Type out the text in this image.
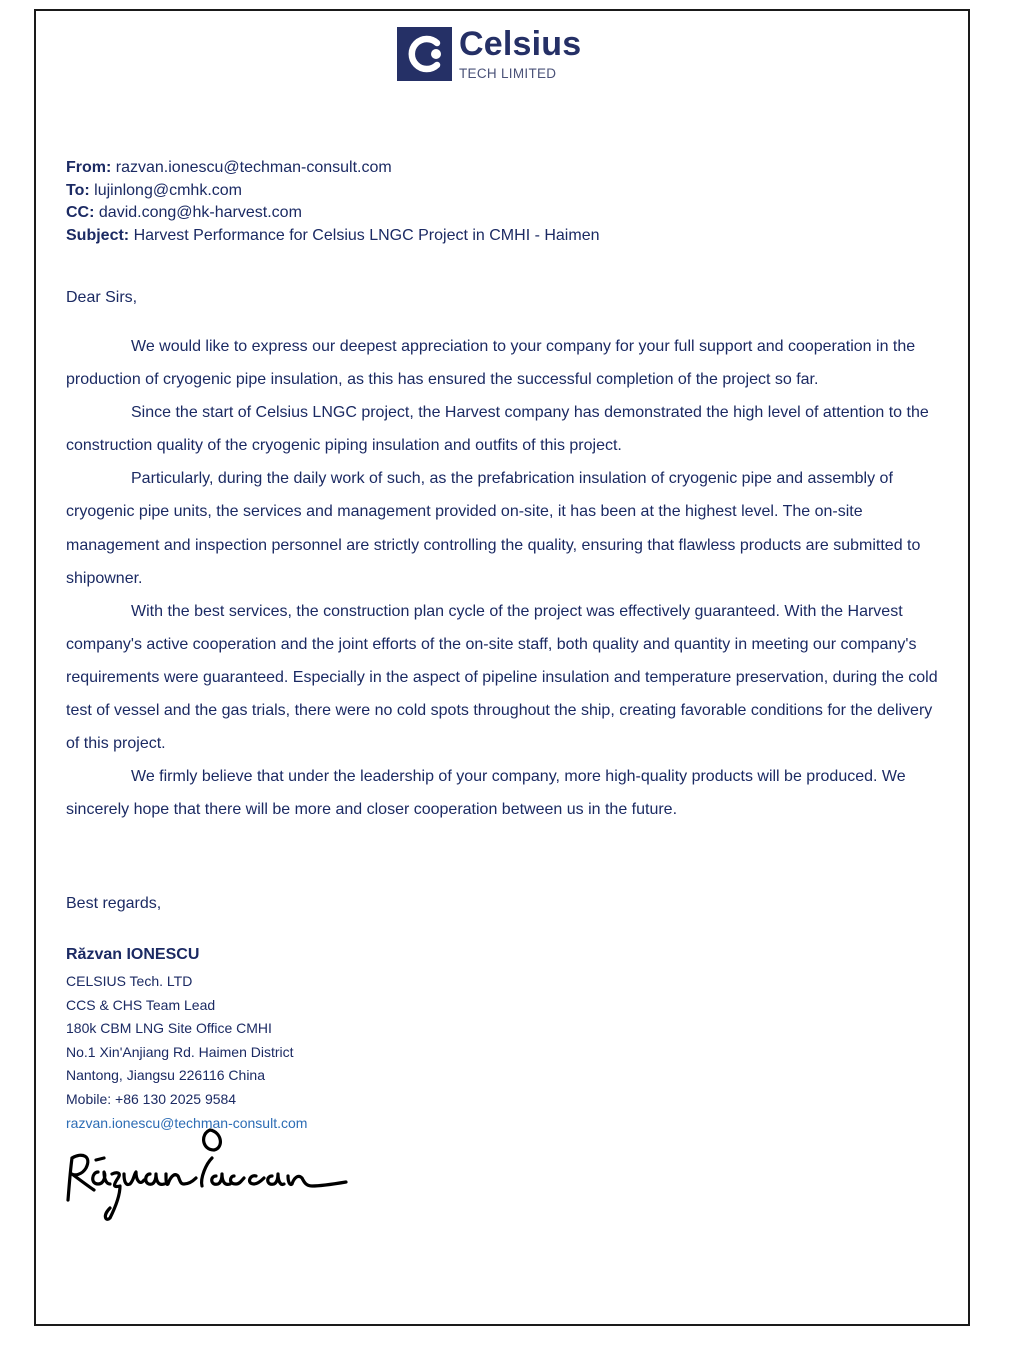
Celsius
TECH LIMITED
From: razvan.ionescu@techman-consult.com
To: lujinlong@cmhk.com
CC: david.cong@hk-harvest.com
Subject: Harvest Performance for Celsius LNGC Project in CMHI - Haimen
Dear Sirs,

We would like to express our deepest appreciation to your company for your full support and cooperation in the production of cryogenic pipe insulation, as this has ensured the successful completion of the project so far.

Since the start of Celsius LNGC project, the Harvest company has demonstrated the high level of attention to the construction quality of the cryogenic piping insulation and outfits of this project.

Particularly, during the daily work of such, as the prefabrication insulation of cryogenic pipe and assembly of cryogenic pipe units, the services and management provided on-site, it has been at the highest level. The on-site management and inspection personnel are strictly controlling the quality, ensuring that flawless products are submitted to shipowner.

With the best services, the construction plan cycle of the project was effectively guaranteed. With the Harvest company's active cooperation and the joint efforts of the on-site staff, both quality and quantity in meeting our company's requirements were guaranteed. Especially in the aspect of pipeline insulation and temperature preservation, during the cold test of vessel and the gas trials, there were no cold spots throughout the ship, creating favorable conditions for the delivery of this project.

We firmly believe that under the leadership of your company, more high-quality products will be produced. We sincerely hope that there will be more and closer cooperation between us in the future.

Best regards,
Răzvan IONESCU
CELSIUS Tech. LTD
CCS & CHS Team Lead
180k CBM LNG Site Office CMHI
No.1 Xin'Anjiang Rd. Haimen District
Nantong, Jiangsu 226116 China
Mobile: +86 130 2025 9584
razvan.ionescu@techman-consult.com
